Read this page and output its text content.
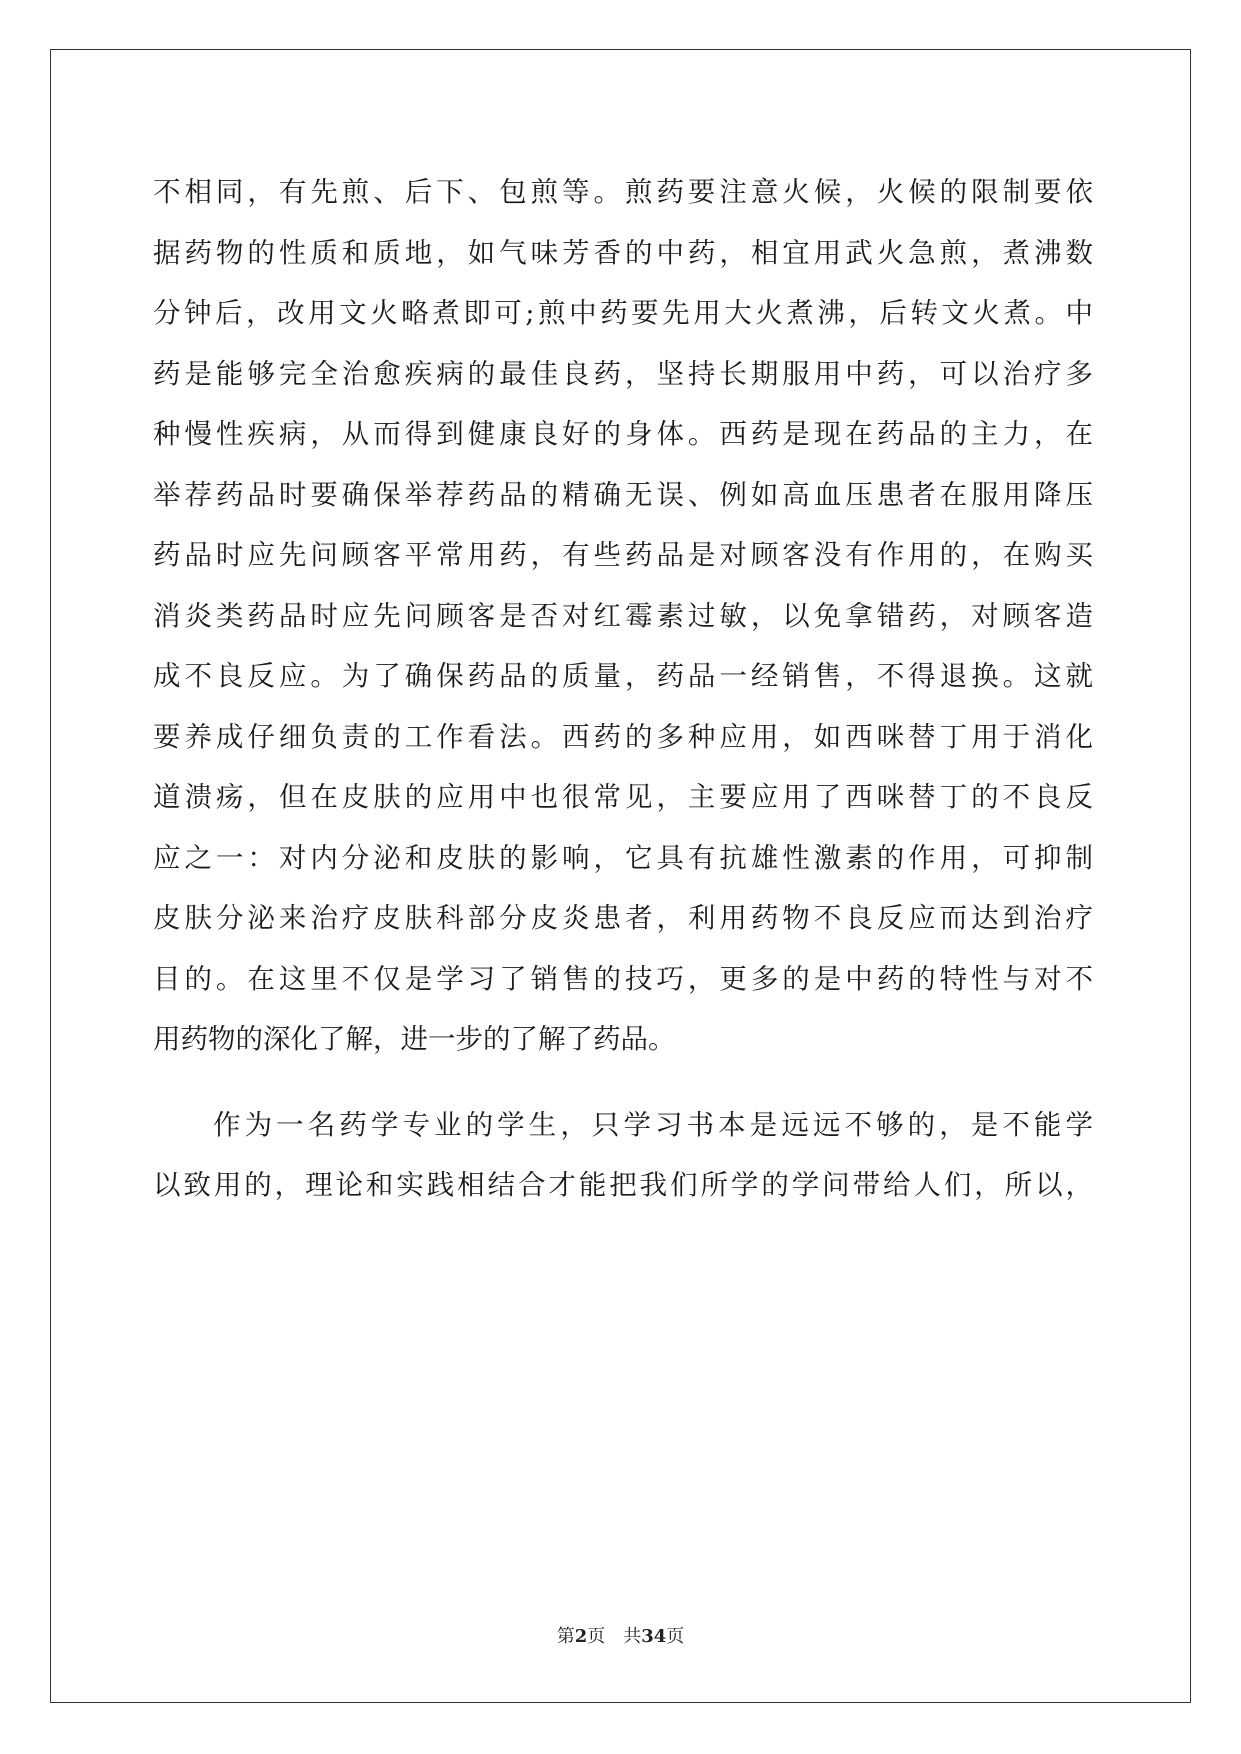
不相同，有先煎、后下、包煎等。煎药要注意火候，火候的限制要依
据药物的性质和质地，如气味芳香的中药，相宜用武火急煎，煮沸数
分钟后，改用文火略煮即可;煎中药要先用大火煮沸，后转文火煮。中
药是能够完全治愈疾病的最佳良药，坚持长期服用中药，可以治疗多
种慢性疾病，从而得到健康良好的身体。西药是现在药品的主力，在
举荐药品时要确保举荐药品的精确无误、例如高血压患者在服用降压
药品时应先问顾客平常用药，有些药品是对顾客没有作用的，在购买
消炎类药品时应先问顾客是否对红霉素过敏，以免拿错药，对顾客造
成不良反应。为了确保药品的质量，药品一经销售，不得退换。这就
要养成仔细负责的工作看法。西药的多种应用，如西咪替丁用于消化
道溃疡，但在皮肤的应用中也很常见，主要应用了西咪替丁的不良反
应之一：对内分泌和皮肤的影响，它具有抗雄性激素的作用，可抑制
皮肤分泌来治疗皮肤科部分皮炎患者，利用药物不良反应而达到治疗
目的。在这里不仅是学习了销售的技巧，更多的是中药的特性与对不
用药物的深化了解，进一步的了解了药品。
作为一名药学专业的学生，只学习书本是远远不够的，是不能学
以致用的，理论和实践相结合才能把我们所学的学问带给人们，所以，
第2页 共34页
